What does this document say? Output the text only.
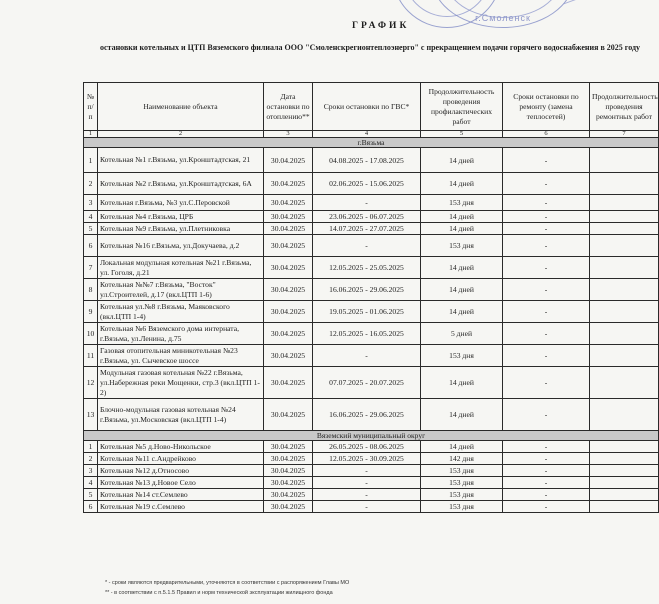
г.Смоленск
ГРАФИК
остановки котельных и ЦТП Вяземского филиала ООО "Смоленскрегионтеплоэнерго" с прекращением подачи горячего водоснабжения в 2025 году
№ п/п	Наименование объекта	Дата остановки по отоплению**	Сроки остановки по ГВС*	Продолжительность проведения профилактических работ	Сроки остановки по ремонту (замена теплосетей)	Продолжительность проведения ремонтных работ
1	2	3	4	5	6	7
г.Вязьма						
1	Котельная №1 г.Вязьма, ул.Кронштадтская, 21	30.04.2025	04.08.2025 - 17.08.2025	14 дней	-	
2	Котельная №2 г.Вязьма, ул.Кронштадтская, 6А	30.04.2025	02.06.2025 - 15.06.2025	14 дней	-	
3	Котельная г.Вязьма, №3 ул.С.Перовской	30.04.2025	-	153 дня	-	
4	Котельная №4 г.Вязьма, ЦРБ	30.04.2025	23.06.2025 - 06.07.2025	14 дней	-	
5	Котельная №9 г.Вязьма, ул.Плетниковка	30.04.2025	14.07.2025 - 27.07.2025	14 дней	-	
6	Котельная №16 г.Вязьма, ул.Докучаева, д.2	30.04.2025	-	153 дня	-	
7	Локальная модульная котельная №21 г.Вязьма, ул. Гоголя, д.21	30.04.2025	12.05.2025 - 25.05.2025	14 дней	-	
8	Котельная №№7 г.Вязьма, "Восток" ул.Строителей, д.17 (вкл.ЦТП 1-6)	30.04.2025	16.06.2025 - 29.06.2025	14 дней	-	
9	Котельная ул.№8 г.Вязьма, Маяковского (вкл.ЦТП 1-4)	30.04.2025	19.05.2025 - 01.06.2025	14 дней	-	
10	Котельная №6 Вяземского дома интерната, г.Вязьма, ул.Ленина, д.75	30.04.2025	12.05.2025 - 16.05.2025	5 дней	-	
11	Газовая отопительная миникотельная №23 г.Вязьма, ул. Сычевское шоссе	30.04.2025	-	153 дня	-	
12	Модульная газовая котельная №22 г.Вязьма, ул.Набережная реки Мощенки, стр.3 (вкл.ЦТП 1-2)	30.04.2025	07.07.2025 - 20.07.2025	14 дней	-	
13	Блочно-модульная газовая котельная №24 г.Вязьма, ул.Московская (вкл.ЦТП 1-4)	30.04.2025	16.06.2025 - 29.06.2025	14 дней	-	
Вяземский муниципальный округ						
1	Котельная №5 д.Ново-Никольское	30.04.2025	26.05.2025 - 08.06.2025	14 дней	-	
2	Котельная №11 с.Андрейково	30.04.2025	12.05.2025 - 30.09.2025	142 дня	-	
3	Котельная №12 д.Относово	30.04.2025	-	153 дня	-	
4	Котельная №13 д.Новое Село	30.04.2025	-	153 дня	-	
5	Котельная №14 ст.Семлево	30.04.2025	-	153 дня	-	
6	Котельная №19 с.Семлево	30.04.2025	-	153 дня	-	
* - сроки являются предварительными, уточняются в соответствии с распоряжением Главы МО
** - в соответствии с п.5.1.5 Правил и норм технической эксплуатации жилищного фонда
